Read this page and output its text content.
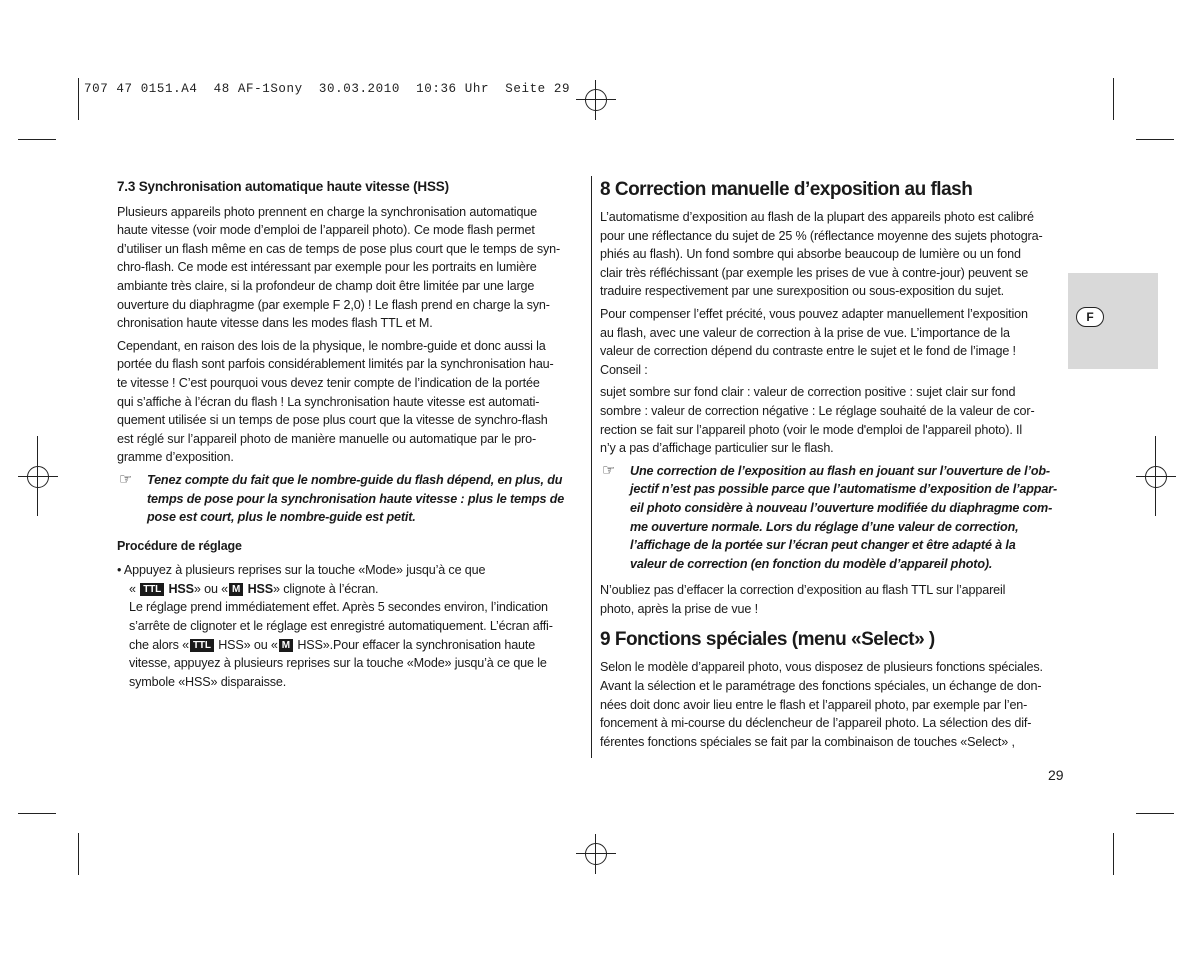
707 47 0151.A4  48 AF-1Sony  30.03.2010  10:36 Uhr  Seite 29
F
7.3 Synchronisation automatique haute vitesse (HSS)

Plusieurs appareils photo prennent en charge la synchronisation automatique
haute vitesse (voir mode d’emploi de l’appareil photo). Ce mode flash permet
d’utiliser un flash même en cas de temps de pose plus court que le temps de syn-
chro-flash. Ce mode est intéressant par exemple pour les portraits en lumière
ambiante très claire, si la profondeur de champ doit être limitée par une large
ouverture du diaphragme (par exemple F 2,0) ! Le flash prend en charge la syn-
chronisation haute vitesse dans les modes flash TTL et M.

Cependant, en raison des lois de la physique, le nombre-guide et donc aussi la
portée du flash sont parfois considérablement limités par la synchronisation hau-
te vitesse ! C’est pourquoi vous devez tenir compte de l’indication de la portée
qui s’affiche à l’écran du flash ! La synchronisation haute vitesse est automati-
quement utilisée si un temps de pose plus court que la vitesse de synchro-flash
est réglé sur l’appareil photo de manière manuelle ou automatique par le pro-
gramme d’exposition.

☞ Tenez compte du fait que le nombre-guide du flash dépend, en plus, du
temps de pose pour la synchronisation haute vitesse : plus le temps de
pose est court, plus le nombre-guide est petit.
Procédure de réglage
• Appuyez à plusieurs reprises sur la touche «Mode» jusqu’à ce que
« TTL HSS» ou « M HSS» clignote à l’écran.
Le réglage prend immédiatement effet. Après 5 secondes environ, l’indication
s’arrête de clignoter et le réglage est enregistré automatiquement. L’écran affi-
che alors « TTL HSS» ou « M HSS».Pour effacer la synchronisation haute
vitesse, appuyez à plusieurs reprises sur la touche «Mode» jusqu’à ce que le
symbole «HSS» disparaisse.
8 Correction manuelle d’exposition au flash

L’automatisme d’exposition au flash de la plupart des appareils photo est calibré
pour une réflectance du sujet de 25 % (réflectance moyenne des sujets photogra-
phiés au flash). Un fond sombre qui absorbe beaucoup de lumière ou un fond
clair très réfléchissant (par exemple les prises de vue à contre-jour) peuvent se
traduire respectivement par une surexposition ou sous-exposition du sujet.

Pour compenser l’effet précité, vous pouvez adapter manuellement l’exposition
au flash, avec une valeur de correction à la prise de vue. L’importance de la
valeur de correction dépend du contraste entre le sujet et le fond de l’image !
Conseil :

sujet sombre sur fond clair : valeur de correction positive : sujet clair sur fond
sombre : valeur de correction négative : Le réglage souhaité de la valeur de cor-
rection se fait sur l’appareil photo (voir le mode d'emploi de l'appareil photo). Il
n’y a pas d’affichage particulier sur le flash.

☞ Une correction de l’exposition au flash en jouant sur l’ouverture de l’ob-
jectif n’est pas possible parce que l’automatisme d’exposition de l’appar-
eil photo considère à nouveau l’ouverture modifiée du diaphragme com-
me ouverture normale. Lors du réglage d’une valeur de correction,
l’affichage de la portée sur l’écran peut changer et être adapté à la
valeur de correction (en fonction du modèle d’appareil photo).

N’oubliez pas d’effacer la correction d’exposition au flash TTL sur l’appareil
photo, après la prise de vue !

9 Fonctions spéciales (menu «Select» )

Selon le modèle d’appareil photo, vous disposez de plusieurs fonctions spéciales.
Avant la sélection et le paramétrage des fonctions spéciales, un échange de don-
nées doit donc avoir lieu entre le flash et l’appareil photo, par exemple par l’en-
foncement à mi-course du déclencheur de l’appareil photo. La sélection des dif-
férentes fonctions spéciales se fait par la combinaison de touches «Select» ,

29
